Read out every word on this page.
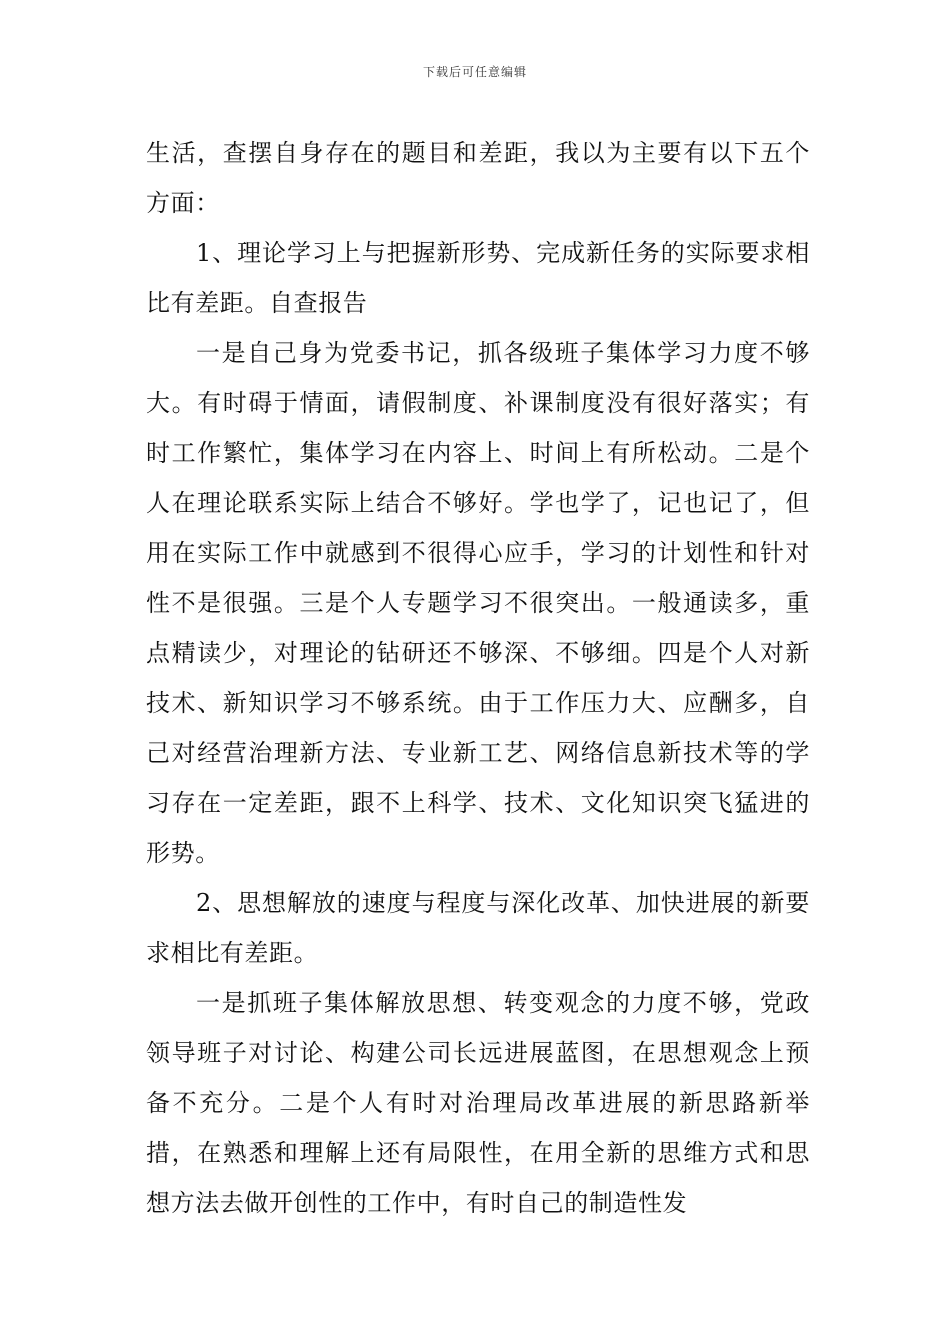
下载后可任意编辑

生活，查摆自身存在的题目和差距，我以为主要有以下五个方面：

1、理论学习上与把握新形势、完成新任务的实际要求相比有差距。自查报告

一是自己身为党委书记，抓各级班子集体学习力度不够大。有时碍于情面，请假制度、补课制度没有很好落实；有时工作繁忙，集体学习在内容上、时间上有所松动。二是个人在理论联系实际上结合不够好。学也学了，记也记了，但用在实际工作中就感到不很得心应手，学习的计划性和针对性不是很强。三是个人专题学习不很突出。一般通读多，重点精读少，对理论的钻研还不够深、不够细。四是个人对新技术、新知识学习不够系统。由于工作压力大、应酬多，自己对经营治理新方法、专业新工艺、网络信息新技术等的学习存在一定差距，跟不上科学、技术、文化知识突飞猛进的形势。

2、思想解放的速度与程度与深化改革、加快进展的新要求相比有差距。

一是抓班子集体解放思想、转变观念的力度不够，党政领导班子对讨论、构建公司长远进展蓝图，在思想观念上预备不充分。二是个人有时对治理局改革进展的新思路新举措，在熟悉和理解上还有局限性，在用全新的思维方式和思想方法去做开创性的工作中，有时自己的制造性发
